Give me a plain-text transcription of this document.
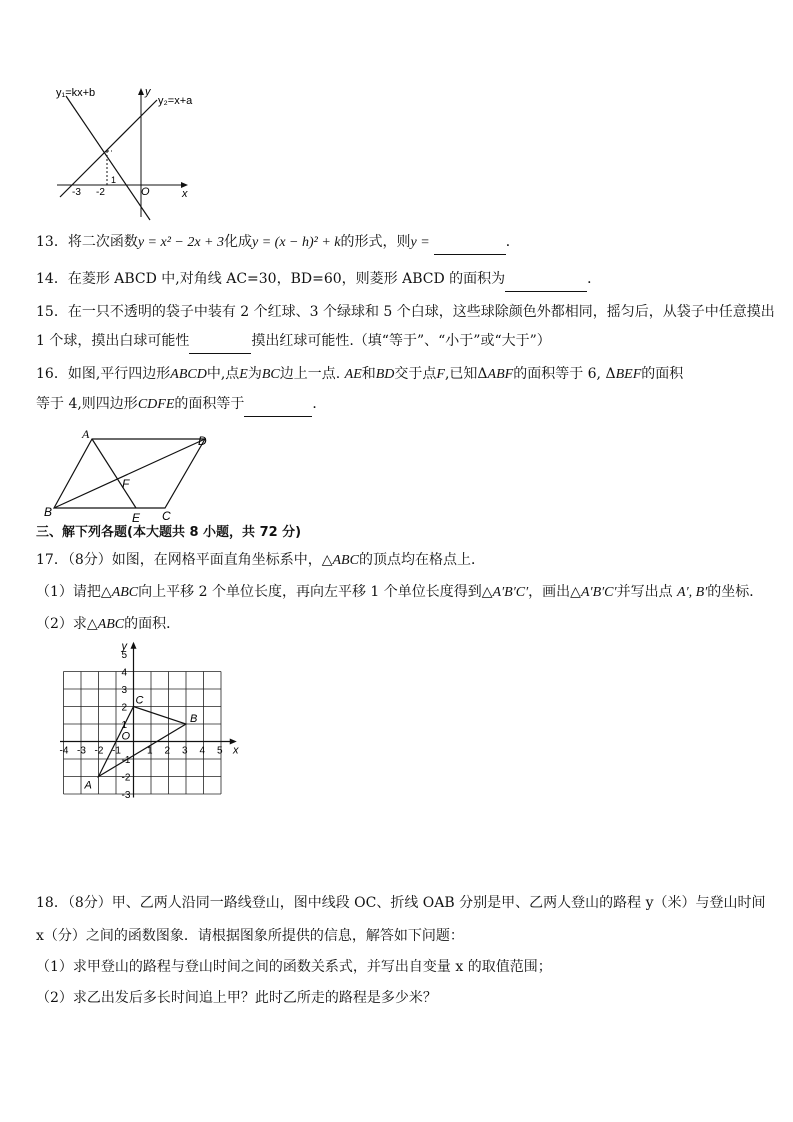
y₁=kx+b
y₂=x+a
y
x
O
-3 -2
1
13．将二次函数y = x² − 2x + 3化成y = (x − h)² + k的形式，则y =	．
14．在菱形 ABCD 中,对角线 AC=30，BD=60，则菱形 ABCD 的面积为	．
15．在一只不透明的袋子中装有 2 个红球、3 个绿球和 5 个白球，这些球除颜色外都相同，摇匀后，从袋子中任意摸出
1 个球，摸出白球可能性	摸出红球可能性.（填“等于”、“小于”或“大于”）
16．如图,平行四边形ABCD中,点E为BC边上一点. AE和BD交于点F,已知ΔABF的面积等于 6, ΔBEF的面积
等于 4,则四边形CDFE的面积等于	．
A	D
B	C
E
F
三、解下列各题(本大题共 8 小题，共 72 分)
17．（8分）如图，在网格平面直角坐标系中，△ABC的顶点均在格点上．
（1）请把△ABC向上平移 2 个单位长度，再向左平移 1 个单位长度得到△A′B′C′，画出△A′B′C′并写出点 A′, B′的坐标．
（2）求△ABC的面积．
-4 -3 -2 -1	1 2 3 4 5
5
4
3
2
1
-1
-2
-3
x
y
O
A
B
C
18．（8分）甲、乙两人沿同一路线登山，图中线段 OC、折线 OAB 分别是甲、乙两人登山的路程 y（米）与登山时间
x（分）之间的函数图象．请根据图象所提供的信息，解答如下问题：
（1）求甲登山的路程与登山时间之间的函数关系式，并写出自变量 x 的取值范围；
（2）求乙出发后多长时间追上甲？此时乙所走的路程是多少米？
